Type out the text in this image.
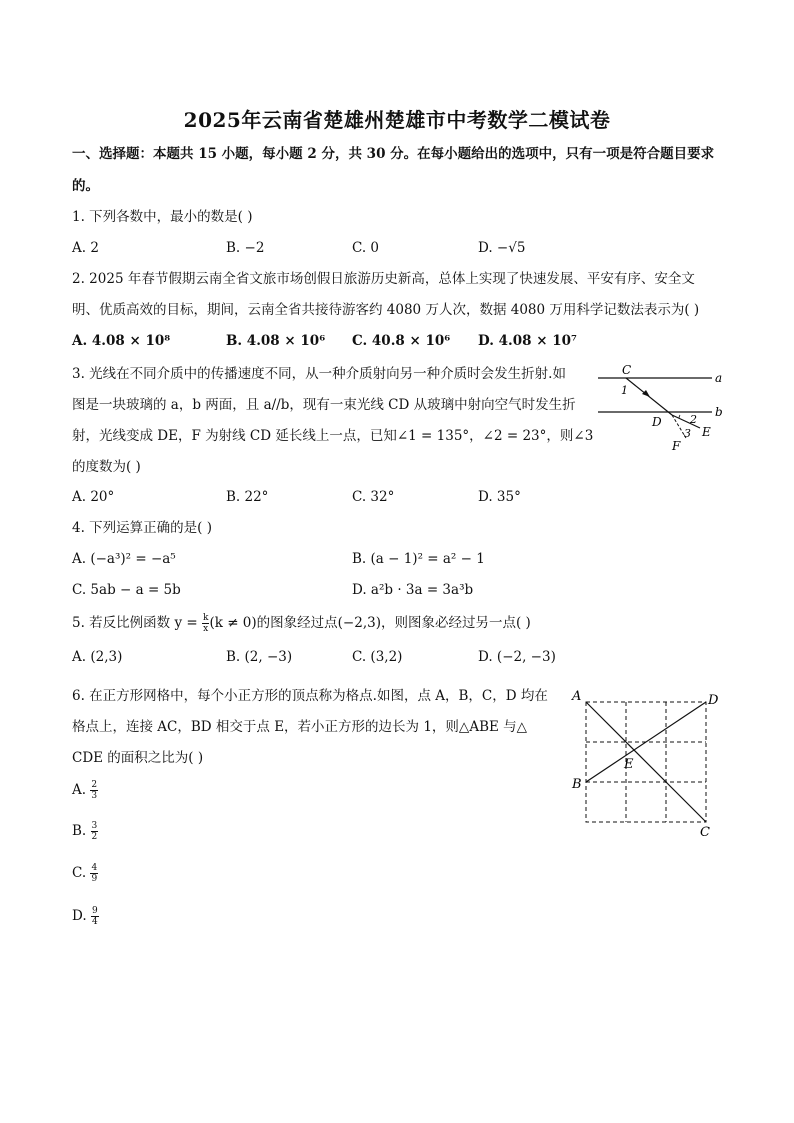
2025年云南省楚雄州楚雄市中考数学二模试卷
一、选择题：本题共 15 小题，每小题 2 分，共 30 分。在每小题给出的选项中，只有一项是符合题目要求
的。
1. 下列各数中，最小的数是( )
A. 2	B. −2	C. 0	D. −√5
2. 2025 年春节假期云南全省文旅市场创假日旅游历史新高，总体上实现了快速发展、平安有序、安全文
明、优质高效的目标，期间，云南全省共接待游客约 4080 万人次，数据 4080 万用科学记数法表示为( )
A. 4.08 × 10⁸	B. 4.08 × 10⁶ C. 40.8 × 10⁶ D. 4.08 × 10⁷
3. 光线在不同介质中的传播速度不同，从一种介质射向另一种介质时会发生折射.如
图是一块玻璃的 a，b 两面，且 a//b，现有一束光线 CD 从玻璃中射向空气时发生折
射，光线变成 DE，F 为射线 CD 延长线上一点，已知∠1 = 135°，∠2 = 23°，则∠3
的度数为( )
A. 20°	B. 22°	C. 32°	D. 35°
C
a
b
1
2
3
D
E
F
4. 下列运算正确的是( )
A. (−a³)² = −a⁵	B. (a − 1)² = a² − 1
C. 5ab − a = 5b	D. a²b · 3a = 3a³b
5. 若反比例函数 $y = \frac{k}{x} (k \ne 0)$的图象经过点(−2,3)，则图象必经过另一点( )
A. (2,3)	B. (2, −3)	C. (3,2)	D. (−2, −3)
6. 在正方形网格中，每个小正方形的顶点称为格点.如图，点 A，B，C，D 均在
格点上，连接 AC，BD 相交于点 E，若小正方形的边长为 1，则△ABE 与△
CDE 的面积之比为( )
A. $\frac{2}{3}$
B. $\frac{3}{2}$
C. $\frac{4}{9}$
D. $\frac{9}{4}$
A	D
B
C
E
